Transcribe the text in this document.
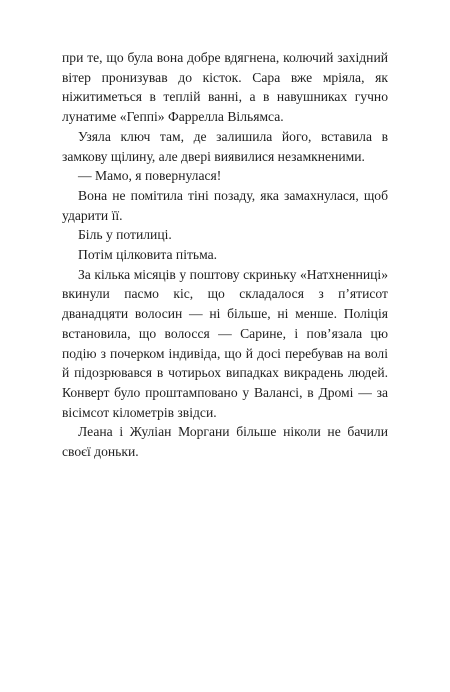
при те, що була вона добре вдягнена, колючий західний вітер пронизував до кісток. Сара вже мріяла, як ніжитиметься в теплій ванні, а в навушниках гучно лунатиме «Геппі» Фаррелла Вільямса.

Узяла ключ там, де залишила його, вставила в замкову щілину, але двері виявилися незамкненими.

— Мамо, я повернулася!

Вона не помітила тіні позаду, яка замахнулася, щоб ударити її.

Біль у потилиці.

Потім цілковита пітьма.

За кілька місяців у поштову скриньку «Натхненниці» вкинули пасмо кіс, що складалося з п’ятисот дванадцяти волосин — ні більше, ні менше. Поліція встановила, що волосся — Сарине, і пов’язала цю подію з почерком індивіда, що й досі перебував на волі й підозрювався в чотирьох випадках викрадень людей. Конверт було проштамповано у Валансі, в Дромі — за вісімсот кілометрів звідси.

Леана і Жуліан Моргани більше ніколи не бачили своєї доньки.
